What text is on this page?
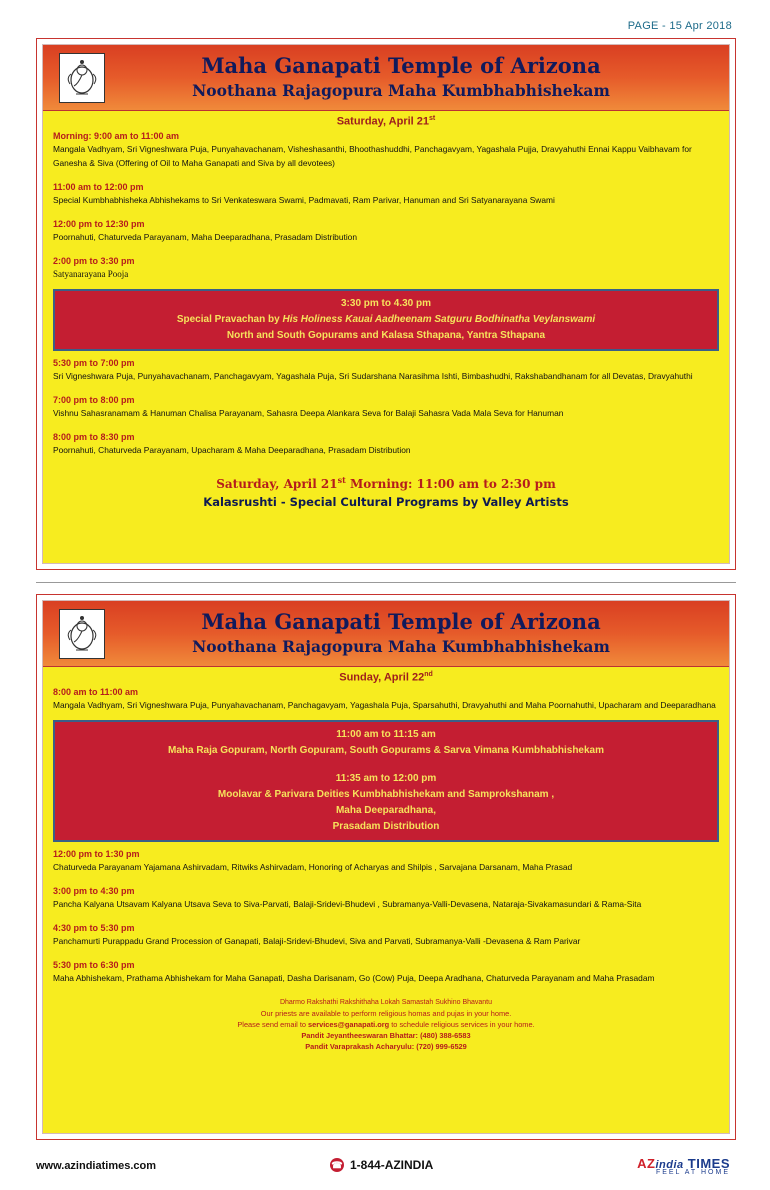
PAGE - 15 Apr 2018
Maha Ganapati Temple of Arizona
Noothana Rajagopura Maha Kumbhabhishekam
Saturday, April 21st
Morning: 9:00 am to 11:00 am
Mangala Vadhyam, Sri Vigneshwara Puja, Punyahavachanam, Visheshasanthi, Bhoothashuddhi, Panchagavyam, Yagashala Pujja, Dravyahuthi Ennai Kappu Vaibhavam for Ganesha & Siva (Offering of Oil to Maha Ganapati and Siva by all devotees)
11:00 am to 12:00 pm
Special Kumbhabhisheka Abhishekams to Sri Venkateswara Swami, Padmavati, Ram Parivar, Hanuman and Sri Satyanarayana Swami
12:00 pm to 12:30 pm
Poornahuti, Chaturveda Parayanam, Maha Deeparadhana, Prasadam Distribution
2:00 pm to 3:30 pm
Satyanarayana Pooja
3:30 pm to 4.30 pm
Special Pravachan by His Holiness Kauai Aadheenam Satguru Bodhinatha Veylanswami
North and South Gopurams and Kalasa Sthapana, Yantra Sthapana
5:30 pm to 7:00 pm
Sri Vigneshwara Puja, Punyahavachanam, Panchagavyam, Yagashala Puja, Sri Sudarshana Narasihma Ishti, Bimbashudhi, Rakshabandhanam for all Devatas, Dravyahuthi
7:00 pm to 8:00 pm
Vishnu Sahasranamam & Hanuman Chalisa Parayanam, Sahasra Deepa Alankara Seva for Balaji Sahasra Vada Mala Seva for Hanuman
8:00 pm to 8:30 pm
Poornahuti, Chaturveda Parayanam, Upacharam & Maha Deeparadhana, Prasadam Distribution
Saturday, April 21st Morning: 11:00 am to 2:30 pm
Kalasrushti - Special Cultural Programs by Valley Artists
Maha Ganapati Temple of Arizona
Noothana Rajagopura Maha Kumbhabhishekam
Sunday, April 22nd
8:00 am to 11:00 am
Mangala Vadhyam, Sri Vigneshwara Puja, Punyahavachanam, Panchagavyam, Yagashala Puja, Sparsahuthi, Dravyahuthi and Maha Poornahuthi, Upacharam and Deeparadhana
11:00 am to 11:15 am
Maha Raja Gopuram, North Gopuram, South Gopurams & Sarva Vimana Kumbhabhishekam
11:35 am to 12:00 pm
Moolavar & Parivara Deities Kumbhabhishekam and Samprokshanam ,
Maha Deeparadhana,
Prasadam Distribution
12:00 pm to 1:30 pm
Chaturveda Parayanam Yajamana Ashirvadam, Ritwiks Ashirvadam, Honoring of Acharyas and Shilpis , Sarvajana Darsanam, Maha Prasad
3:00 pm to 4:30 pm
Pancha Kalyana Utsavam Kalyana Utsava Seva to Siva-Parvati, Balaji-Sridevi-Bhudevi , Subramanya-Valli-Devasena, Nataraja-Sivakamasundari & Rama-Sita
4:30 pm to 5:30 pm
Panchamurti Purappadu Grand Procession of Ganapati, Balaji-Sridevi-Bhudevi, Siva and Parvati, Subramanya-Valli -Devasena & Ram Parivar
5:30 pm to 6:30 pm
Maha Abhishekam, Prathama Abhishekam for Maha Ganapati, Dasha Darisanam, Go (Cow) Puja, Deepa Aradhana, Chaturveda Parayanam and Maha Prasadam
Dharmo Rakshathi Rakshithaha Lokah Samastah Sukhino Bhavantu
Our priests are available to perform religious homas and pujas in your home.
Please send email to services@ganapati.org to schedule religious services in your home.
Pandit Jeyantheeswaran Bhattar: (480) 388-6583
Pandit Varaprakash Acharyulu: (720) 999-6529
www.azindiatimes.com	☎ 1-844-AZINDIA	AZindia TIMES
FEEL AT HOME
